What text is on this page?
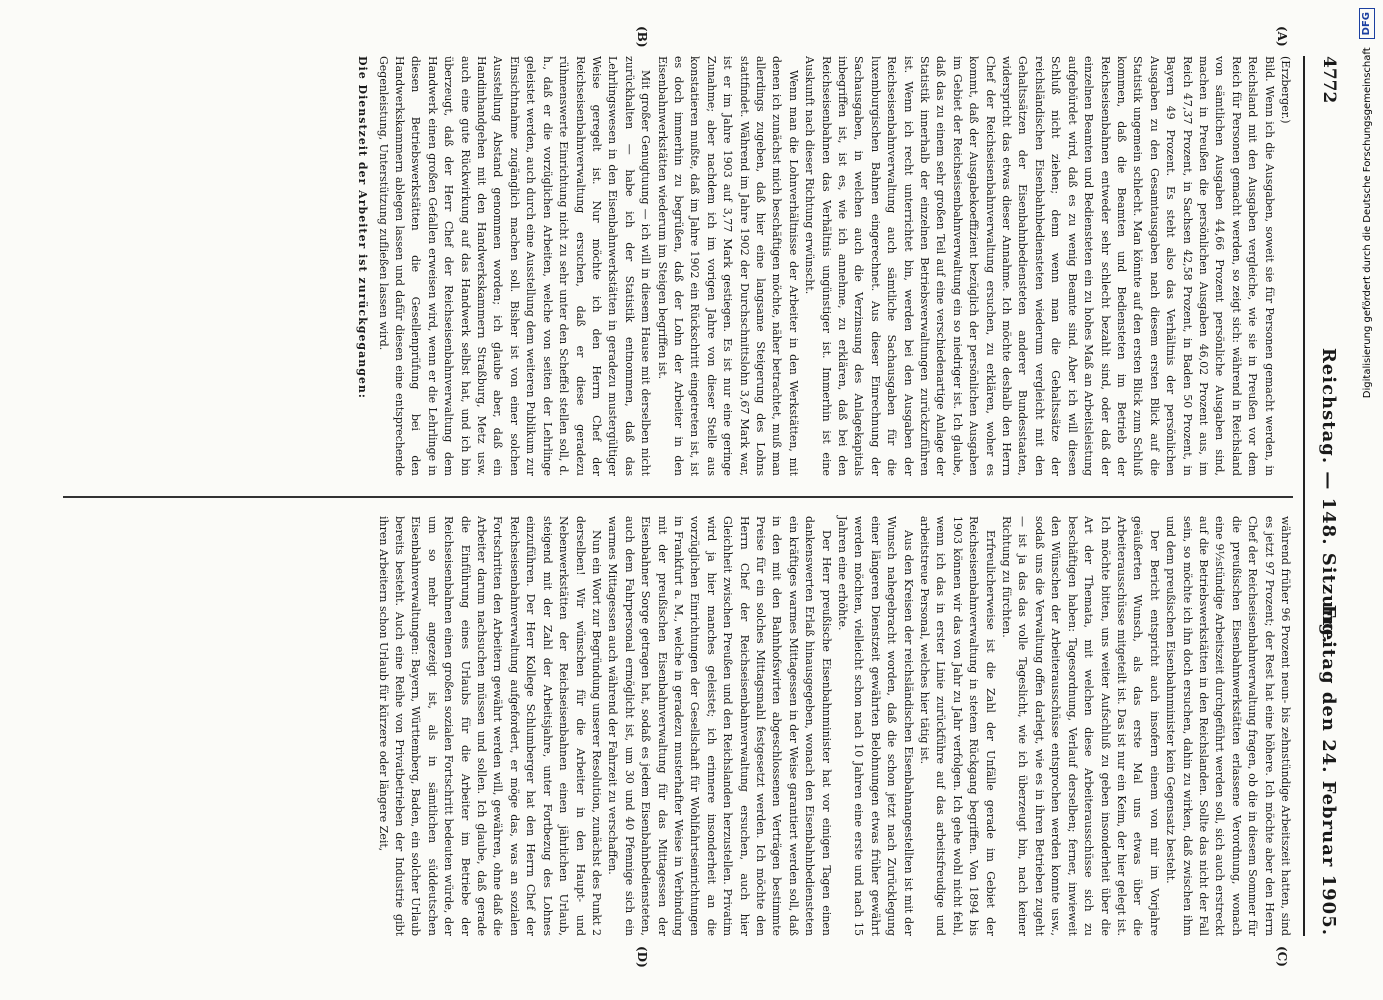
4772
Reichstag. — 148. Sitzung.
Freitag den 24. Februar 1905.
(A)
(B)
(C)
(D)

(Erzberger.)

Bild. Wenn ich die Ausgaben, soweit sie für Personen gemacht werden, in Reichsland mit den Ausgaben vergleiche, wie sie in Preußen vor dem Reich für Personen gemacht werden, so zeigt sich: während in Reichsland von sämtlichen Ausgaben 44,66 Prozent persönliche Ausgaben sind, machen in Preußen die persönlichen Ausgaben 46,02 Prozent aus, im Reich 47,37 Prozent, in Sachsen 42,58 Prozent, in Baden 50 Prozent, in Bayern 49 Prozent. Es steht also das Verhältnis der persönlichen Ausgaben zu den Gesamtausgaben nach diesem ersten Blick auf die Statistik ungemein schlecht. Man könnte auf den ersten Blick zum Schluß kommen, daß die Beamten und Bediensteten im Betrieb der Reichseisenbahnen entweder sehr schlecht bezahlt sind, oder daß der einzelnen Beamten und Bediensteten ein zu hohes Maß an Arbeitsleistung aufgebürdet wird, daß es zu wenig Beamte sind. Aber ich will diesen Schluß nicht ziehen; denn wenn man die Gehaltssätze der reichsländischen Eisenbahnbediensteten wiederum vergleicht mit den Gehaltssätzen der Eisenbahnbediensteten anderer Bundesstaaten, widerspricht das etwas dieser Annahme. Ich möchte deshalb den Herrn Chef der Reichseisenbahnverwaltung ersuchen, zu erklären, woher es kommt, daß der Ausgabekoeffizient bezüglich der persönlichen Ausgaben im Gebiet der Reichseisenbahnverwaltung ein so niedriger ist. Ich glaube, daß das zu einem sehr großen Teil auf eine verschiedenartige Anlage der Statistik innerhalb der einzelnen Betriebsverwaltungen zurückzuführen ist. Wenn ich recht unterrichtet bin, werden bei den Ausgaben der Reichseisenbahnverwaltung auch sämtliche Sachausgaben für die luxemburgischen Bahnen eingerechnet. Aus dieser Einrechnung der Sachausgaben, in welchen auch die Verzinsung des Anlagekapitals inbegriffen ist, ist es, wie ich annehme, zu erklären, daß bei den Reichseisenbahnen das Verhältnis ungünstiger ist. Immerhin ist eine Auskunft nach dieser Richtung erwünscht.

Wenn man die Lohnverhältnisse der Arbeiter in den Werkstätten, mit denen ich zunächst mich beschäftigen möchte, näher betrachtet, muß man allerdings zugeben, daß hier eine langsame Steigerung des Lohns stattfindet. Während im Jahre 1902 der Durchschnittslohn 3,67 Mark war, ist er im Jahre 1903 auf 3,77 Mark gestiegen. Es ist nur eine geringe Zunahme; aber nachdem ich im vorigen Jahre von dieser Stelle aus konstatieren mußte, daß im Jahre 1902 ein Rückschritt eingetreten ist, ist es doch immerhin zu begrüßen, daß der Lohn der Arbeiter in den Eisenbahnwerkstätten wiederum im Steigen begriffen ist.

Mit großer Genugtuung — ich will in diesem Hause mit derselben nicht zurückhalten — habe ich der Statistik entnommen, daß das Lehrlingswesen in den Eisenbahnwerkstätten in geradezu mustergültiger Weise geregelt ist. Nur möchte ich den Herrn Chef der Reichseisenbahnverwaltung ersuchen, daß er diese geradezu rühmenswerte Einrichtung nicht zu sehr unter den Scheffel stellen soll, d. h., daß er die vorzüglichen Arbeiten, welche von seiten der Lehrlinge geleistet werden, auch durch eine Ausstellung dem weiteren Publikum zur Einsichtnahme zugänglich machen soll. Bisher ist von einer solchen Ausstellung Abstand genommen worden; ich glaube aber, daß ein Handinhandgehen mit den Handwerkskammern Straßburg, Metz usw. auch eine gute Rückwirkung auf das Handwerk selbst hat, und ich bin überzeugt, daß der Herr Chef der Reichseisenbahnverwaltung dem Handwerk einen großen Gefallen erweisen wird, wenn er die Lehrlinge in diesen Betriebswerkstätten die Gesellenprüfung bei den Handwerkskammern ablegen lassen und dafür diesen eine entsprechende Gegenleistung, Unterstützung zufließen lassen wird.

Die Dienstzeit der Arbeiter ist zurückgegangen:

während früher 96 Prozent neun- bis zehnstündige Arbeitszeit hatten, sind es jetzt 97 Prozent; der Rest hat eine höhere. Ich möchte aber den Herrn Chef der Reichseisenbahnverwaltung fragen, ob die in diesem Sommer für die preußischen Eisenbahnwerkstätten erlassene Verordnung, wonach eine 9½stündige Arbeitszeit durchgeführt werden soll, sich auch erstreckt auf die Betriebswerkstätten in den Reichslanden. Sollte das nicht der Fall sein, so möchte ich ihn doch ersuchen, dahin zu wirken, daß zwischen ihm und dem preußischen Eisenbahnminister kein Gegensatz besteht.

Der Bericht entspricht auch insofern einem von mir im Vorjahre geäußerten Wunsch, als das erste Mal uns etwas über die Arbeiterausschüsse mitgeteilt ist. Das ist nur ein Keim, der hier gelegt ist. Ich möchte bitten, uns weiter Aufschluß zu geben insonderheit über die Art der Themata, mit welchen diese Arbeiterausschüsse sich zu beschäftigen haben: Tagesordnung, Verlauf derselben; ferner, inwieweit den Wünschen der Arbeiterausschüsse entsprochen werden konnte usw., sodaß uns die Verwaltung offen darlegt, wie es in ihren Betrieben zugeht — ist ja das das volle Tageslicht, wie ich überzeugt bin, nach keiner Richtung zu fürchten.

Erfreulicherweise ist die Zahl der Unfälle gerade im Gebiet der Reichseisenbahnverwaltung in stetem Rückgang begriffen. Von 1894 bis 1903 können wir das von Jahr zu Jahr verfolgen. Ich gehe wohl nicht fehl, wenn ich das in erster Linie zurückführe auf das arbeitsfreudige und arbeitstreue Personal, welches hier tätig ist.

Aus den Kreisen der reichsländischen Eisenbahnangestellten ist mit der Wunsch nahegebracht worden, daß die schon jetzt nach Zurücklegung einer längeren Dienstzeit gewährten Belohnungen etwas früher gewährt werden möchten, vielleicht schon nach 10 Jahren eine erste und nach 15 Jahren eine erhöhte.

Der Herr preußische Eisenbahnminister hat vor einigen Tagen einen dankenswerten Erlaß hinausgegeben, wonach den Eisenbahnbediensteten ein kräftiges warmes Mittagessen in der Weise garantiert werden soll, daß in den mit den Bahnhofswirten abgeschlossenen Verträgen bestimmte Preise für ein solches Mittagsmahl festgesetzt werden. Ich möchte den Herrn Chef der Reichseisenbahnverwaltung ersuchen, auch hier Gleichheit zwischen Preußen und den Reichslanden herzustellen. Privatim wird ja hier manches geleistet; ich erinnere insonderheit an die vorzüglichen Einrichtungen der Gesellschaft für Wohlfahrtseinrichtungen in Frankfurt a. M., welche in geradezu musterhafter Weise in Verbindung mit der preußischen Eisenbahnverwaltung für das Mittagessen der Eisenbahner Sorge getragen hat, sodaß es jedem Eisenbahnbediensteten, auch dem Fahrpersonal ermöglicht ist, um 30 und 40 Pfennige sich ein warmes Mittagessen auch während der Fahrzeit zu verschaffen.

Nun ein Wort zur Begründung unserer Resolution, zunächst des Punkt 2 derselben! Wir wünschen für die Arbeiter in den Haupt- und Nebenwerkstätten der Reichseisenbahnen einen jährlichen Urlaub, steigend mit der Zahl der Arbeitsjahre, unter Fortbezug des Lohnes einzuführen. Der Herr Kollege Schlumberger hat den Herrn Chef der Reichseisenbahnverwaltung aufgefordert, er möge das, was an sozialen Fortschritten den Arbeitern gewährt werden will, gewähren, ohne daß die Arbeiter darum nachsuchen müssen und sollen. Ich glaube, daß gerade die Einführung eines Urlaubs für die Arbeiter im Betriebe der Reichseisenbahnen einen großen sozialen Fortschritt bedeuten würde, der um so mehr angezeigt ist, als in sämtlichen süddeutschen Eisenbahnverwaltungen: Bayern, Württemberg, Baden, ein solcher Urlaub bereits besteht. Auch eine Reihe von Privatbetrieben der Industrie gibt ihren Arbeitern schon Urlaub für kürzere oder längere Zeit,

Digitalisierung gefördert durch die Deutsche Forschungsgemeinschaft
DFG
